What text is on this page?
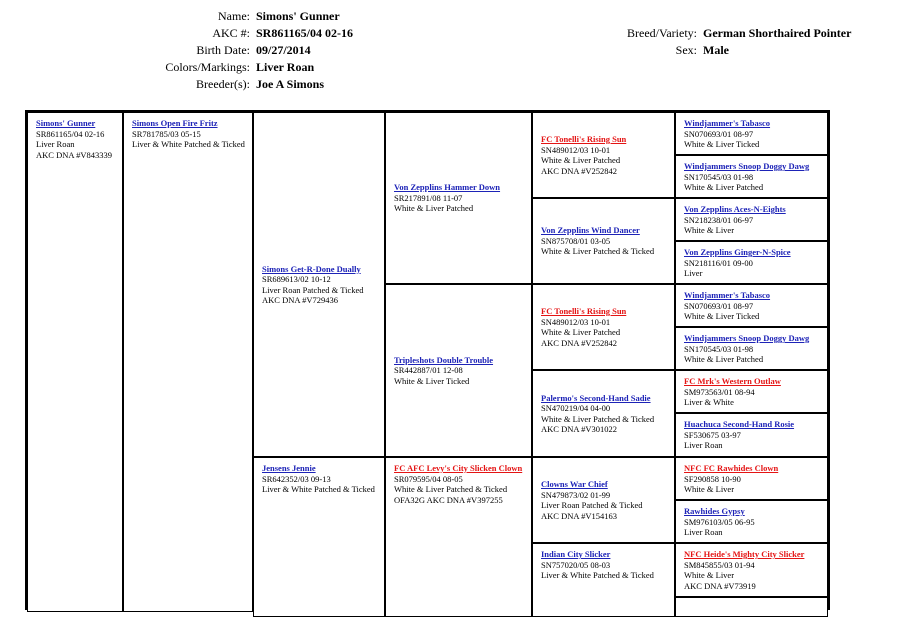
Name: Simons' Gunner
AKC #: SR861165/04 02-16
Birth Date: 09/27/2014
Colors/Markings: Liver Roan
Breeder(s): Joe A Simons
Breed/Variety: German Shorthaired Pointer
Sex: Male
Simons' Gunner
SR861165/04 02-16
Liver Roan
AKC DNA #V843339
Simons Open Fire Fritz
SR781785/03 05-15
Liver & White Patched & Ticked
Simons Get-R-Done Dually
SR689613/02 10-12
Liver Roan Patched & Ticked
AKC DNA #V729436
Von Zepplins Hammer Down
SR217891/08 11-07
White & Liver Patched
FC Tonelli's Rising Sun
SN489012/03 10-01
White & Liver Patched
AKC DNA #V252842
Windjammer's Tabasco
SN070693/01 08-97
White & Liver Ticked
Windjammers Snoop Doggy Dawg
SN170545/03 01-98
White & Liver Patched
Von Zepplins Wind Dancer
SN875708/01 03-05
White & Liver Patched & Ticked
Von Zepplins Aces-N-Eights
SN218238/01 06-97
White & Liver
Von Zepplins Ginger-N-Spice
SN218116/01 09-00
Liver
Tripleshots Double Trouble
SR442887/01 12-08
White & Liver Ticked
FC Tonelli's Rising Sun
SN489012/03 10-01
White & Liver Patched
AKC DNA #V252842
Windjammer's Tabasco
SN070693/01 08-97
White & Liver Ticked
Windjammers Snoop Doggy Dawg
SN170545/03 01-98
White & Liver Patched
Palermo's Second-Hand Sadie
SN470219/04 04-00
White & Liver Patched & Ticked
AKC DNA #V301022
FC Mrk's Western Outlaw
SM973563/01 08-94
Liver & White
Huachuca Second-Hand Rosie
SF530675 03-97
Liver Roan
Jensens Jennie
SR642352/03 09-13
Liver & White Patched & Ticked
FC AFC Levy's City Slicken Clown
SR079595/04 08-05
White & Liver Patched & Ticked
OFA32G AKC DNA #V397255
Clowns War Chief
SN479873/02 01-99
Liver Roan Patched & Ticked
AKC DNA #V154163
NFC FC Rawhides Clown
SF290858 10-90
White & Liver
Rawhides Gypsy
SM976103/05 06-95
Liver Roan
Indian City Slicker
SN757020/05 08-03
Liver & White Patched & Ticked
NFC Heide's Mighty City Slicker
SM845855/03 01-94
White & Liver
AKC DNA #V73919
